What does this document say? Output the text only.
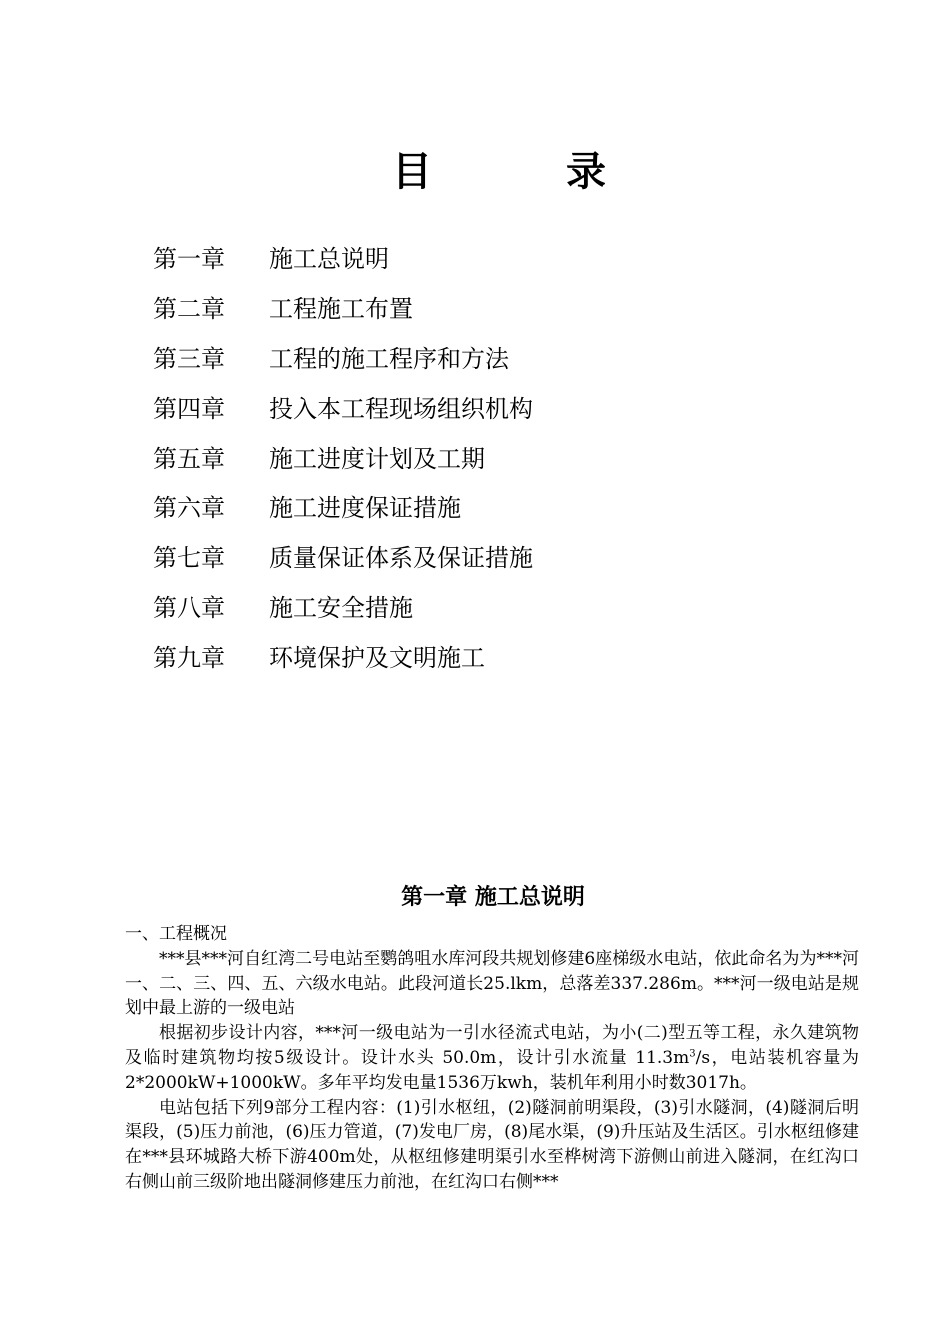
目	录
第一章	施工总说明
第二章	工程施工布置
第三章	工程的施工程序和方法
第四章	投入本工程现场组织机构
第五章	施工进度计划及工期
第六章	施工进度保证措施
第七章	质量保证体系及保证措施
第八章	施工安全措施
第九章	环境保护及文明施工
第一章 施工总说明

一、工程概况

***县***河自红湾二号电站至鹦鸽咀水库河段共规划修建6座梯级水电站，依此命名为为***河一、二、三、四、五、六级水电站。此段河道长25.lkm，总落差337.286m。***河一级电站是规划中最上游的一级电站

根据初步设计内容，***河一级电站为一引水径流式电站，为小(二)型五等工程，永久建筑物及临时建筑物均按5级设计。设计水头 50.0m，设计引水流量 $11.3m^3/s$，电站装机容量为2*2000kW+1000kW。多年平均发电量1536万kwh，装机年利用小时数3017h。

电站包括下列9部分工程内容：(1)引水枢纽，(2)隧洞前明渠段，(3)引水隧洞，(4)隧洞后明渠段，(5)压力前池，(6)压力管道，(7)发电厂房，(8)尾水渠，(9)升压站及生活区。引水枢纽修建在***县环城路大桥下游400m处，从枢纽修建明渠引水至桦树湾下游侧山前进入隧洞，在红沟口右侧山前三级阶地出隧洞修建压力前池，在红沟口右侧***
